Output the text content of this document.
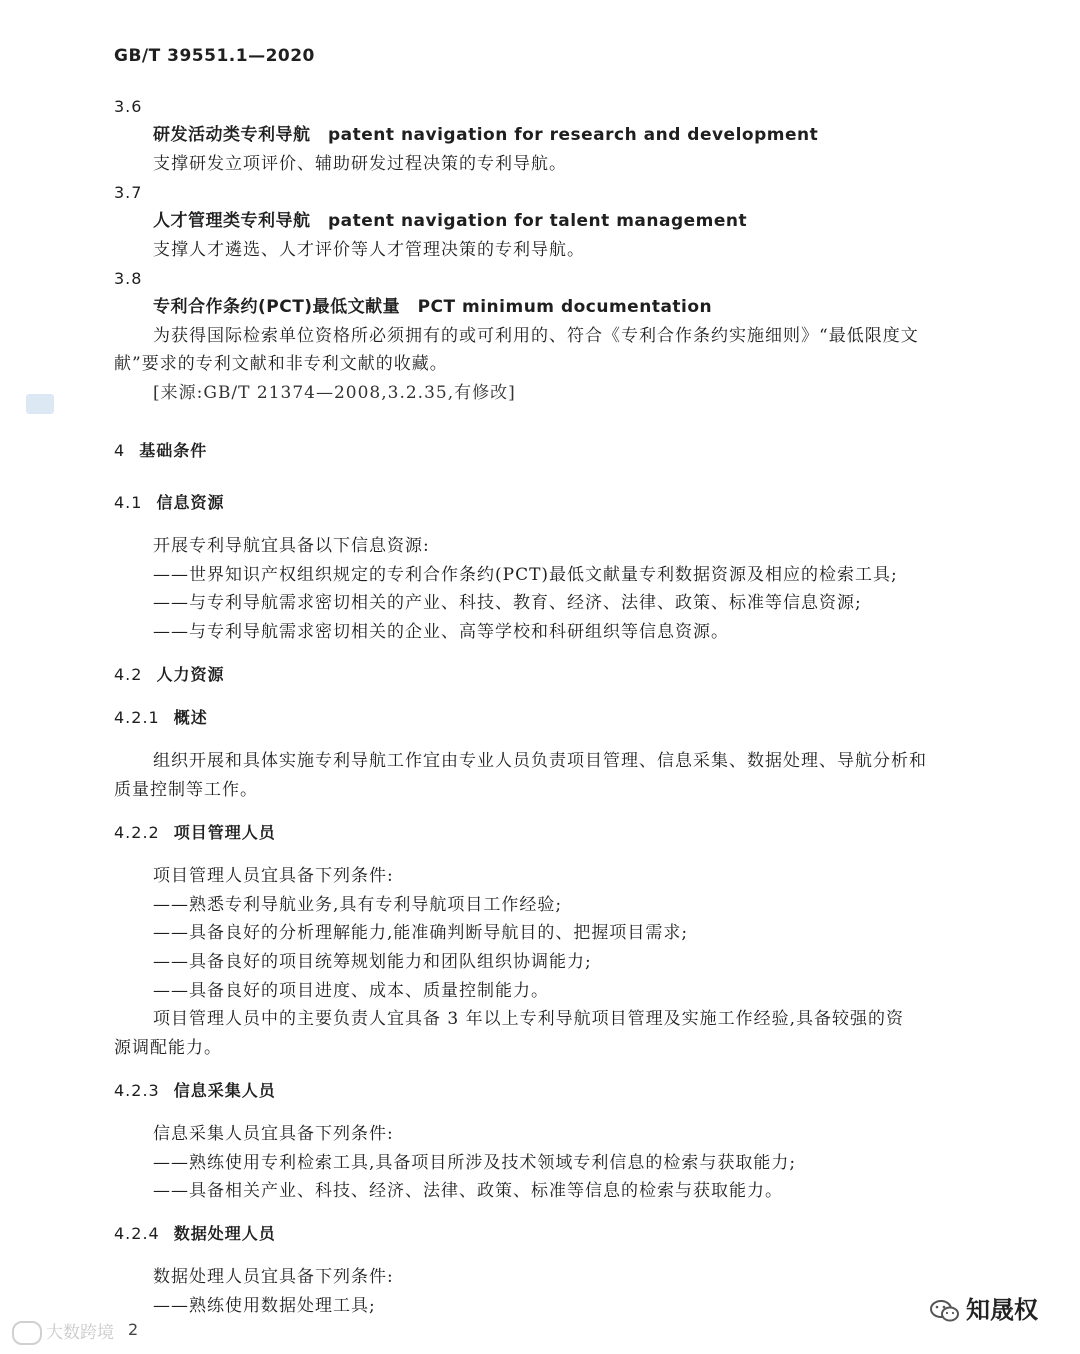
GB/T 39551.1—2020
3.6
研发活动类专利导航　patent navigation for research and development
支撑研发立项评价、辅助研发过程决策的专利导航。
3.7
人才管理类专利导航　patent navigation for talent management
支撑人才遴选、人才评价等人才管理决策的专利导航。
3.8
专利合作条约(PCT)最低文献量　PCT minimum documentation
为获得国际检索单位资格所必须拥有的或可利用的、符合《专利合作条约实施细则》“最低限度文
献”要求的专利文献和非专利文献的收藏。
[来源:GB/T 21374—2008,3.2.35,有修改]
4 基础条件
4.1 信息资源
开展专利导航宜具备以下信息资源:
——世界知识产权组织规定的专利合作条约(PCT)最低文献量专利数据资源及相应的检索工具;
——与专利导航需求密切相关的产业、科技、教育、经济、法律、政策、标准等信息资源;
——与专利导航需求密切相关的企业、高等学校和科研组织等信息资源。
4.2 人力资源
4.2.1 概述
组织开展和具体实施专利导航工作宜由专业人员负责项目管理、信息采集、数据处理、导航分析和
质量控制等工作。
4.2.2 项目管理人员
项目管理人员宜具备下列条件:
——熟悉专利导航业务,具有专利导航项目工作经验;
——具备良好的分析理解能力,能准确判断导航目的、把握项目需求;
——具备良好的项目统筹规划能力和团队组织协调能力;
——具备良好的项目进度、成本、质量控制能力。
项目管理人员中的主要负责人宜具备 3 年以上专利导航项目管理及实施工作经验,具备较强的资
源调配能力。
4.2.3 信息采集人员
信息采集人员宜具备下列条件:
——熟练使用专利检索工具,具备项目所涉及技术领域专利信息的检索与获取能力;
——具备相关产业、科技、经济、法律、政策、标准等信息的检索与获取能力。
4.2.4 数据处理人员
数据处理人员宜具备下列条件:
——熟练使用数据处理工具;
大数跨境 2
知晟权
